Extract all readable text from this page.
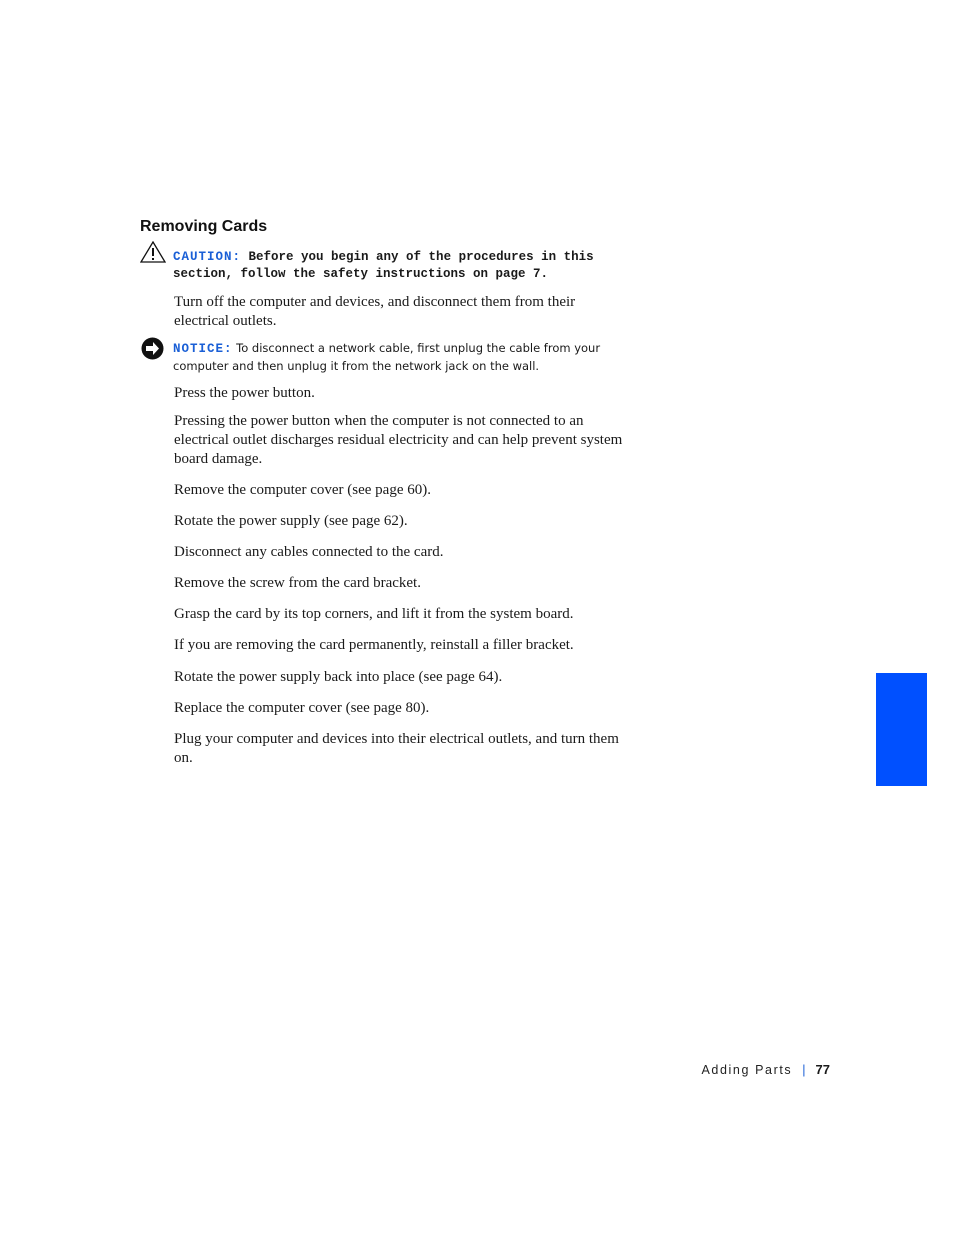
Removing Cards
CAUTION: Before you begin any of the procedures in this section, follow the safety instructions on page 7.
Turn off the computer and devices, and disconnect them from their electrical outlets.
NOTICE: To disconnect a network cable, first unplug the cable from your computer and then unplug it from the network jack on the wall.
Press the power button.
Pressing the power button when the computer is not connected to an electrical outlet discharges residual electricity and can help prevent system board damage.
Remove the computer cover (see page 60).
Rotate the power supply (see page 62).
Disconnect any cables connected to the card.
Remove the screw from the card bracket.
Grasp the card by its top corners, and lift it from the system board.
If you are removing the card permanently, reinstall a filler bracket.
Rotate the power supply back into place (see page 64).
Replace the computer cover (see page 80).
Plug your computer and devices into their electrical outlets, and turn them on.
Adding Parts | 77
